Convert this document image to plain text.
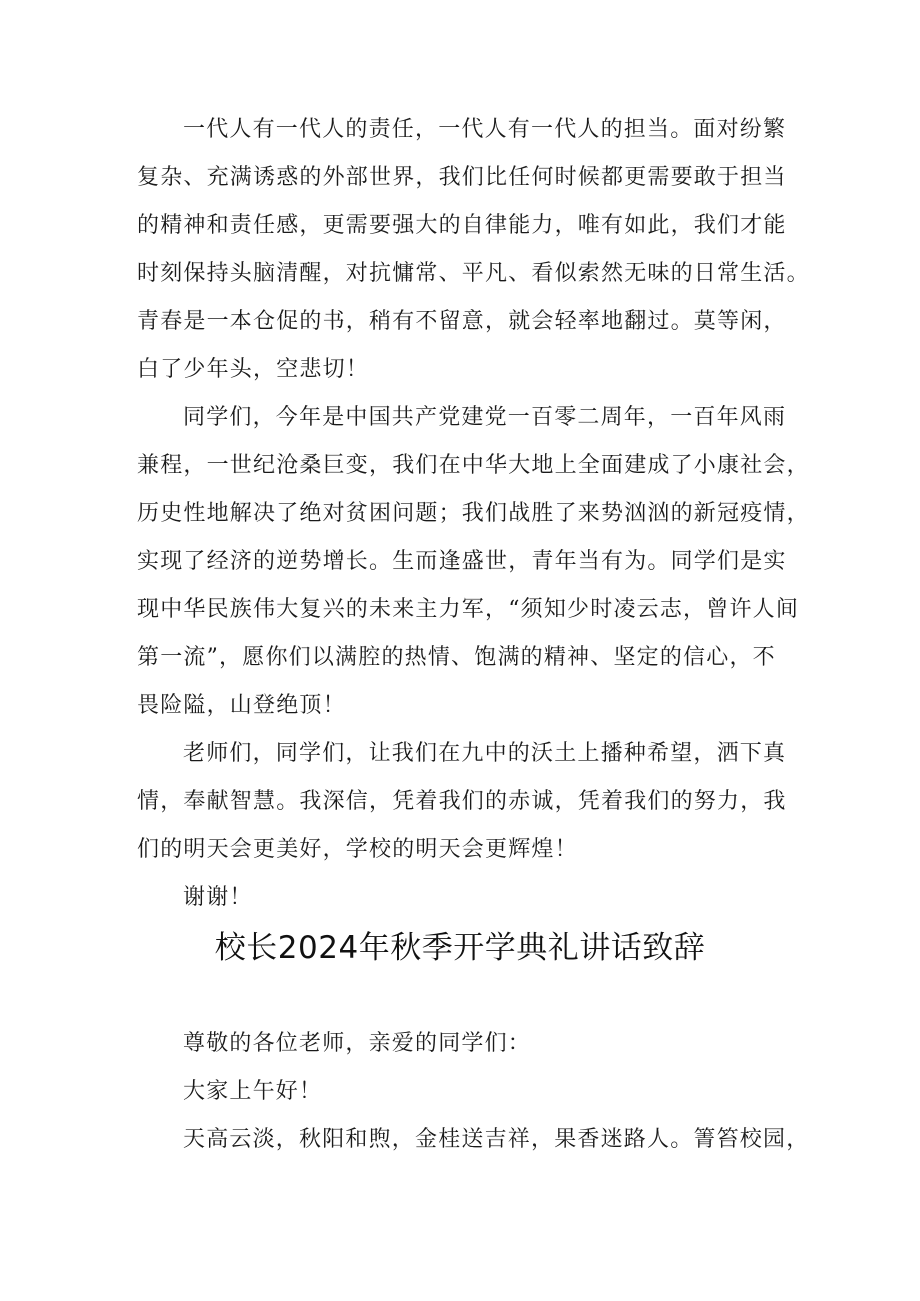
一代人有一代人的责任，一代人有一代人的担当。面对纷繁
复杂、充满诱惑的外部世界，我们比任何时候都更需要敢于担当
的精神和责任感，更需要强大的自律能力，唯有如此，我们才能
时刻保持头脑清醒，对抗慵常、平凡、看似索然无味的日常生活。
青春是一本仓促的书，稍有不留意，就会轻率地翻过。莫等闲，
白了少年头，空悲切！
同学们，今年是中国共产党建党一百零二周年，一百年风雨
兼程，一世纪沧桑巨变，我们在中华大地上全面建成了小康社会，
历史性地解决了绝对贫困问题；我们战胜了来势汹汹的新冠疫情，
实现了经济的逆势增长。生而逢盛世，青年当有为。同学们是实
现中华民族伟大复兴的未来主力军，“须知少时凌云志，曾许人间
第一流”，愿你们以满腔的热情、饱满的精神、坚定的信心，不
畏险隘，山登绝顶！
老师们，同学们，让我们在九中的沃土上播种希望，洒下真
情，奉献智慧。我深信，凭着我们的赤诚，凭着我们的努力，我
们的明天会更美好，学校的明天会更辉煌！
谢谢！
校长2024年秋季开学典礼讲话致辞
尊敬的各位老师，亲爱的同学们：
大家上午好！
天高云淡，秋阳和煦，金桂送吉祥，果香迷路人。箐笞校园，
